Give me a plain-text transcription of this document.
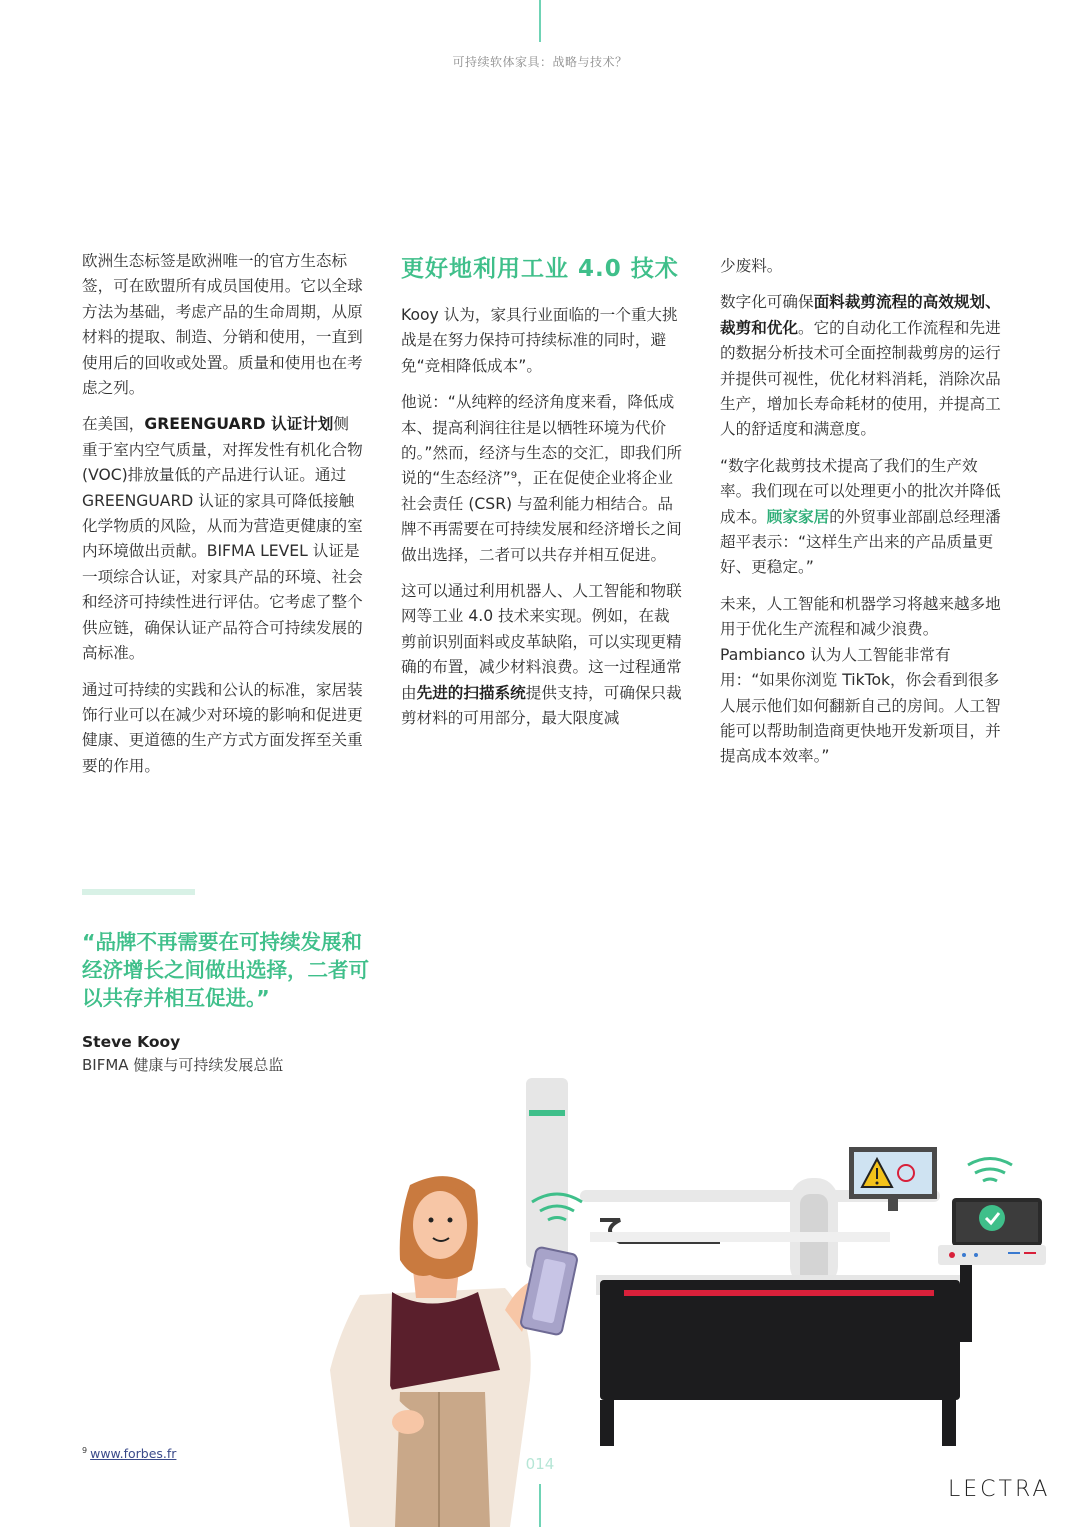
可持续软体家具：战略与技术？

欧洲生态标签是欧洲唯一的官方生态标签，可在欧盟所有成员国使用。它以全球方法为基础，考虑产品的生命周期，从原材料的提取、制造、分销和使用，一直到使用后的回收或处置。质量和使用也在考虑之列。

在美国，GREENGUARD 认证计划侧重于室内空气质量，对挥发性有机化合物(VOC)排放量低的产品进行认证。通过 GREENGUARD 认证的家具可降低接触化学物质的风险，从而为营造更健康的室内环境做出贡献。BIFMA LEVEL 认证是一项综合认证，对家具产品的环境、社会和经济可持续性进行评估。它考虑了整个供应链，确保认证产品符合可持续发展的高标准。

通过可持续的实践和公认的标准，家居装饰行业可以在减少对环境的影响和促进更健康、更道德的生产方式方面发挥至关重要的作用。

更好地利用工业 4.0 技术

Kooy 认为，家具行业面临的一个重大挑战是在努力保持可持续标准的同时，避免“竞相降低成本”。

他说：“从纯粹的经济角度来看，降低成本、提高利润往往是以牺牲环境为代价的。”然而，经济与生态的交汇，即我们所说的“生态经济”⁹，正在促使企业将企业社会责任 (CSR) 与盈利能力相结合。品牌不再需要在可持续发展和经济增长之间做出选择，二者可以共存并相互促进。

这可以通过利用机器人、人工智能和物联网等工业 4.0 技术来实现。例如，在裁剪前识别面料或皮革缺陷，可以实现更精确的布置，减少材料浪费。这一过程通常由先进的扫描系统提供支持，可确保只裁剪材料的可用部分，最大限度减

少废料。

数字化可确保面料裁剪流程的高效规划、裁剪和优化。它的自动化工作流程和先进的数据分析技术可全面控制裁剪房的运行并提供可视性，优化材料消耗，消除次品生产，增加长寿命耗材的使用，并提高工人的舒适度和满意度。

“数字化裁剪技术提高了我们的生产效率。我们现在可以处理更小的批次并降低成本。顾家家居的外贸事业部副总经理潘超平表示：“这样生产出来的产品质量更好、更稳定。”

未来，人工智能和机器学习将越来越多地用于优化生产流程和减少浪费。Pambianco 认为人工智能非常有用：“如果你浏览 TikTok，你会看到很多人展示他们如何翻新自己的房间。人工智能可以帮助制造商更快地开发新项目，并提高成本效率。”

“品牌不再需要在可持续发展和经济增长之间做出选择，二者可以共存并相互促进。”
Steve Kooy
BIFMA 健康与可持续发展总监
$^9$ www.forbes.fr
014
LECTRA
